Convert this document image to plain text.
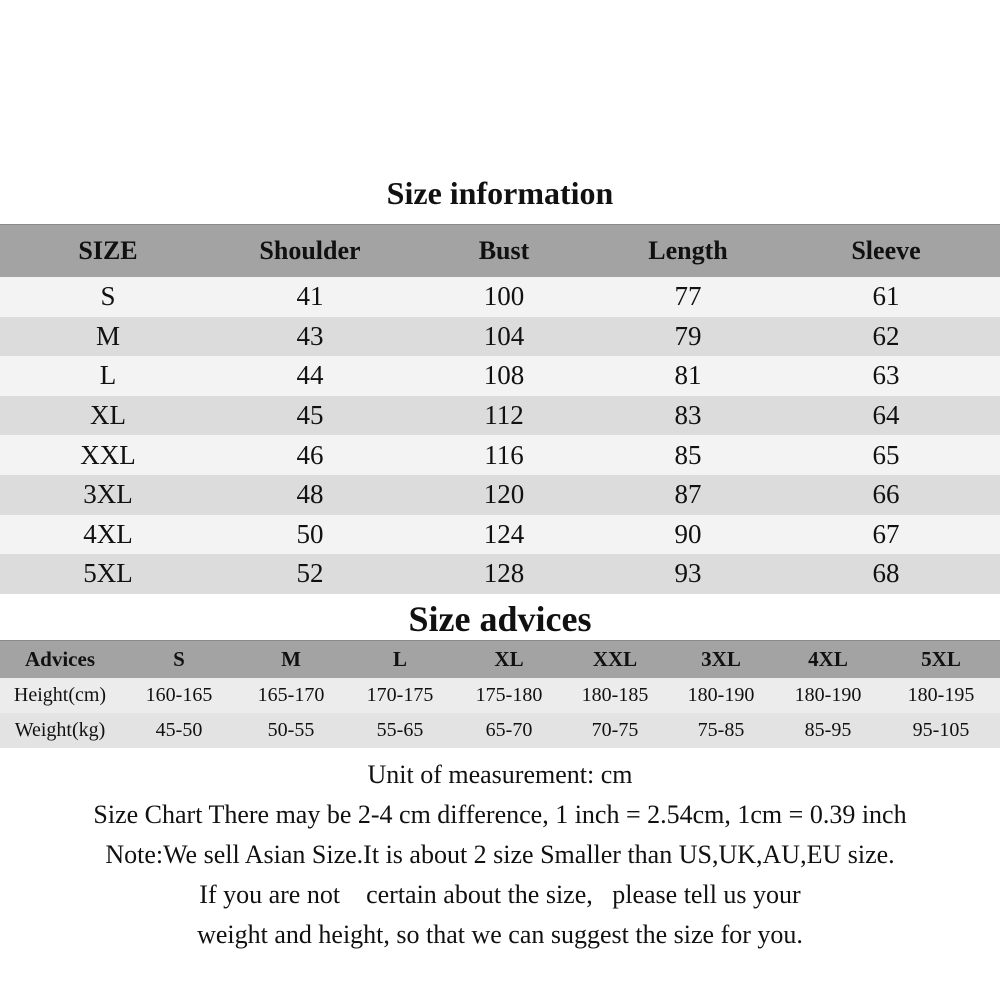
Size information
SIZE	Shoulder	Bust	Length	Sleeve
S	41	100	77	61
M	43	104	79	62
L	44	108	81	63
XL	45	112	83	64
XXL	46	116	85	65
3XL	48	120	87	66
4XL	50	124	90	67
5XL	52	128	93	68
Size advices
Advices	S	M	L	XL	XXL	3XL	4XL	5XL
Height(cm)	160-165	165-170	170-175	175-180	180-185	180-190	180-190	180-195
Weight(kg)	45-50	50-55	55-65	65-70	70-75	75-85	85-95	95-105
Unit of measurement: cm
Size Chart There may be 2-4 cm difference, 1 inch = 2.54cm, 1cm = 0.39 inch
Note:We sell Asian Size.It is about 2 size Smaller than US,UK,AU,EU size.
If you are not    certain about the size,   please tell us your
weight and height, so that we can suggest the size for you.
